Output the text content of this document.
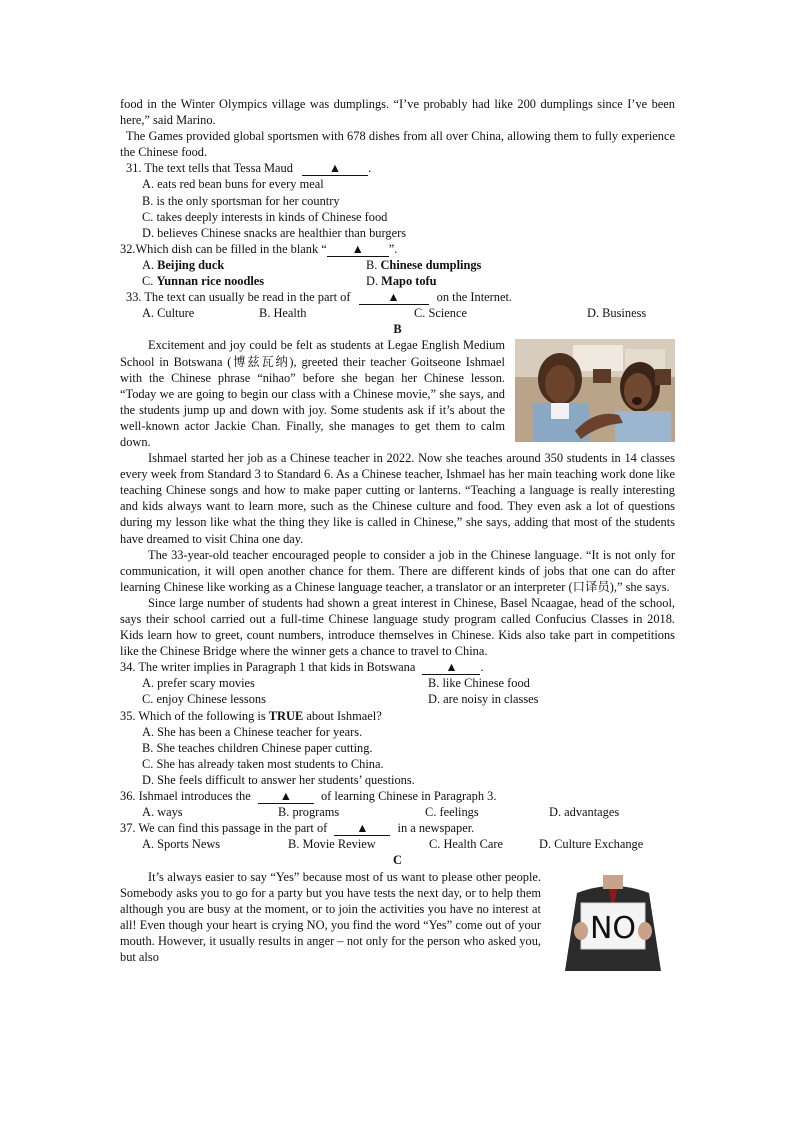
food in the Winter Olympics village was dumplings. “I’ve probably had like 200 dumplings since I’ve been here,” said Marino.

The Games provided global sportsmen with 678 dishes from all over China, allowing them to fully experience the Chinese food.

31. The text tells that Tessa Maud	▲ .

A. eats red bean buns for every meal

B. is the only sportsman for her country

C. takes deeply interests in kinds of Chinese food

D. believes Chinese snacks are healthier than burgers

32.Which dish can be filled in the blank “ ▲ ”.

A. Beijing duck	B. Chinese dumplings
C. Yunnan rice noodles	D. Mapo tofu

33. The text can usually be read in the part of	▲	on the Internet.

A. Culture	B. Health	C. Science	D. Business

B

Excitement and joy could be felt as students at Legae English Medium School in Botswana (博兹瓦纳), greeted their teacher Goitseone Ishmael with the Chinese phrase “nihao” before she began her Chinese lesson. “Today we are going to begin our class with a Chinese movie,” she says, and the students jump up and down with joy. Some students ask if it’s about the well-known actor Jackie Chan. Finally, she manages to get them to calm down.

Ishmael started her job as a Chinese teacher in 2022. Now she teaches around 350 students in 14 classes every week from Standard 3 to Standard 6. As a Chinese teacher, Ishmael has her main teaching work done like teaching Chinese songs and how to make paper cutting or lanterns. “Teaching a language is really interesting and kids always want to learn more, such as the Chinese culture and food. They even ask a lot of questions during my lesson like what the thing they like is called in Chinese,” she says, adding that most of the students have dreamed to visit China one day.

The 33-year-old teacher encouraged people to consider a job in the Chinese language. “It is not only for communication, it will open another chance for them. There are different kinds of jobs that one can do after learning Chinese like working as a Chinese language teacher, a translator or an interpreter (口译员),” she says.

Since large number of students had shown a great interest in Chinese, Basel Ncaagae, head of the school, says their school carried out a full-time Chinese language study program called Confucius Classes in 2018. Kids learn how to greet, count numbers, introduce themselves in Chinese. Kids also take part in competitions like the Chinese Bridge where the winner gets a chance to travel to China.

34. The writer implies in Paragraph 1 that kids in Botswana ▲ .

A. prefer scary movies	B. like Chinese food
C. enjoy Chinese lessons	D. are noisy in classes

35. Which of the following is TRUE about Ishmael?

A. She has been a Chinese teacher for years.

B. She teaches children Chinese paper cutting.

C. She has already taken most students to China.

D. She feels difficult to answer her students’ questions.

36. Ishmael introduces the ▲ of learning Chinese in Paragraph 3.

A. ways	B. programs	C. feelings	D. advantages

37. We can find this passage in the part of ▲ in a newspaper.

A. Sports News	B. Movie Review	C. Health Care	D. Culture Exchange

C

NO

It’s always easier to say “Yes” because most of us want to please other people. Somebody asks you to go for a party but you have tests the next day, or to help them although you are busy at the moment, or to join the activities you have no interest at all! Even though your heart is crying NO, you find the word “Yes” come out of your mouth. However, it usually results in anger – not only for the person who asked you, but also
